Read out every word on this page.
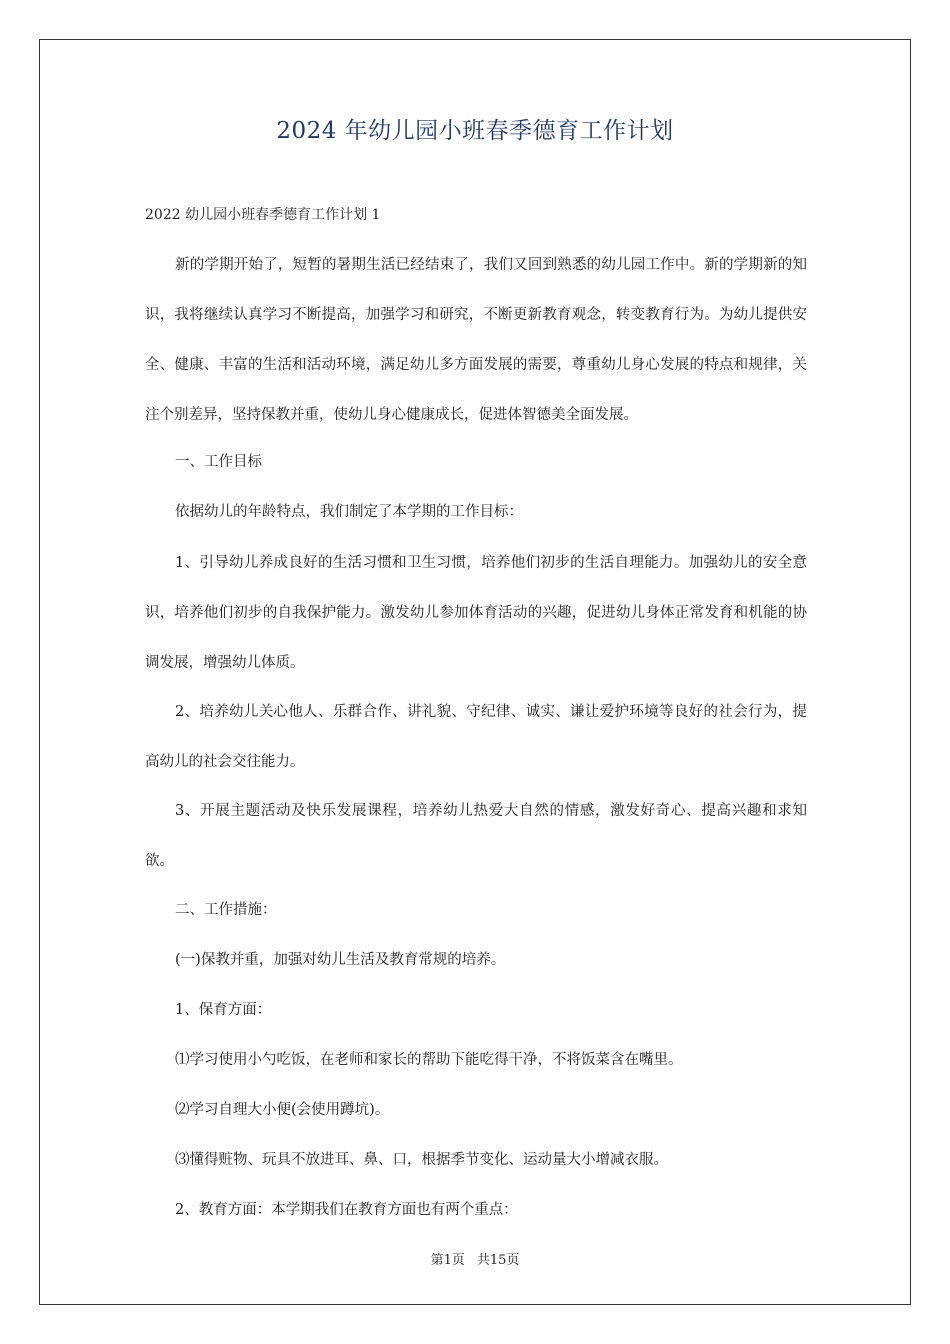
2024 年幼儿园小班春季德育工作计划
2022 幼儿园小班春季德育工作计划 1

新的学期开始了，短暂的暑期生活已经结束了，我们又回到熟悉的幼儿园工作中。新的学期新的知识，我将继续认真学习不断提高，加强学习和研究，不断更新教育观念，转变教育行为。为幼儿提供安全、健康、丰富的生活和活动环境，满足幼儿多方面发展的需要，尊重幼儿身心发展的特点和规律，关注个别差异，坚持保教并重，使幼儿身心健康成长，促进体智德美全面发展。

一、工作目标
依据幼儿的年龄特点，我们制定了本学期的工作目标：

1、引导幼儿养成良好的生活习惯和卫生习惯，培养他们初步的生活自理能力。加强幼儿的安全意识，培养他们初步的自我保护能力。激发幼儿参加体育活动的兴趣，促进幼儿身体正常发育和机能的协调发展，增强幼儿体质。

2、培养幼儿关心他人、乐群合作、讲礼貌、守纪律、诚实、谦让爱护环境等良好的社会行为，提高幼儿的社会交往能力。

3、开展主题活动及快乐发展课程，培养幼儿热爱大自然的情感，激发好奇心、提高兴趣和求知欲。

二、工作措施：
(一)保教并重，加强对幼儿生活及教育常规的培养。
1、保育方面：
⑴学习使用小勺吃饭，在老师和家长的帮助下能吃得干净，不将饭菜含在嘴里。
⑵学习自理大小便(会使用蹲坑)。
⑶懂得赃物、玩具不放进耳、鼻、口，根据季节变化、运动量大小增减衣服。
2、教育方面：本学期我们在教育方面也有两个重点：
第1页 共15页
